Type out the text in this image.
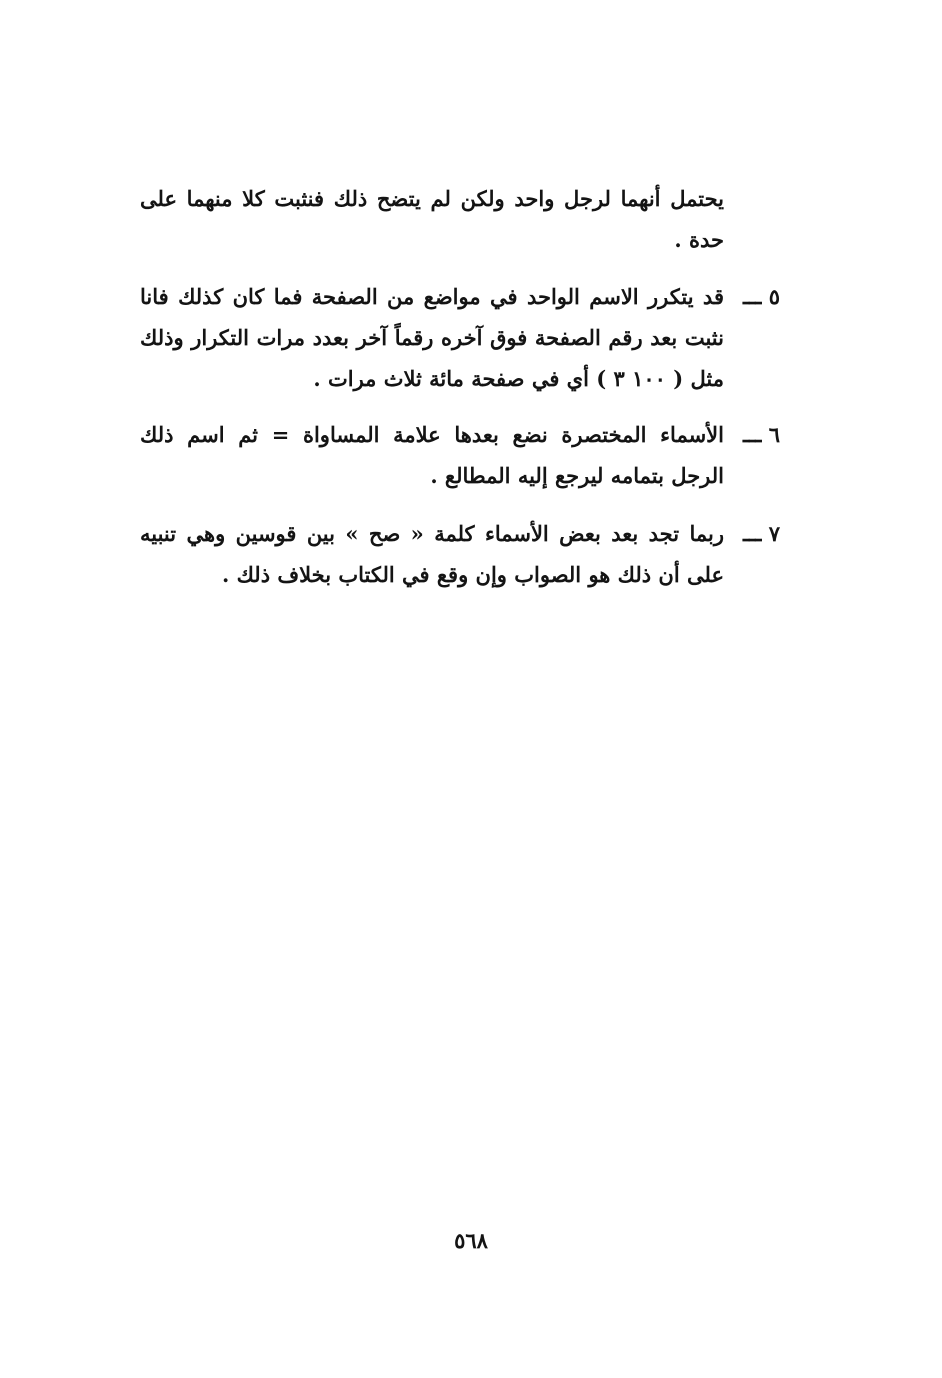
يحتمل أنهما لرجل واحد ولكن لم يتضح ذلك فنثبت كلا منهما على حدة .
٥ ـــ
قد يتكرر الاسم الواحد في مواضع من الصفحة فما كان كذلك فانا نثبت بعد رقم الصفحة فوق آخره رقماً آخر بعدد مرات التكرار وذلك مثل ( ١٠٠ ٣ ) أي في صفحة مائة ثلاث مرات .
٦ ـــ
الأسماء المختصرة نضع بعدها علامة المساواة = ثم اسم ذلك الرجل بتمامه ليرجع إليه المطالع .
٧ ـــ
ربما تجد بعد بعض الأسماء كلمة « صح » بين قوسين وهي تنبيه على أن ذلك هو الصواب وإن وقع في الكتاب بخلاف ذلك .
٥٦٨
